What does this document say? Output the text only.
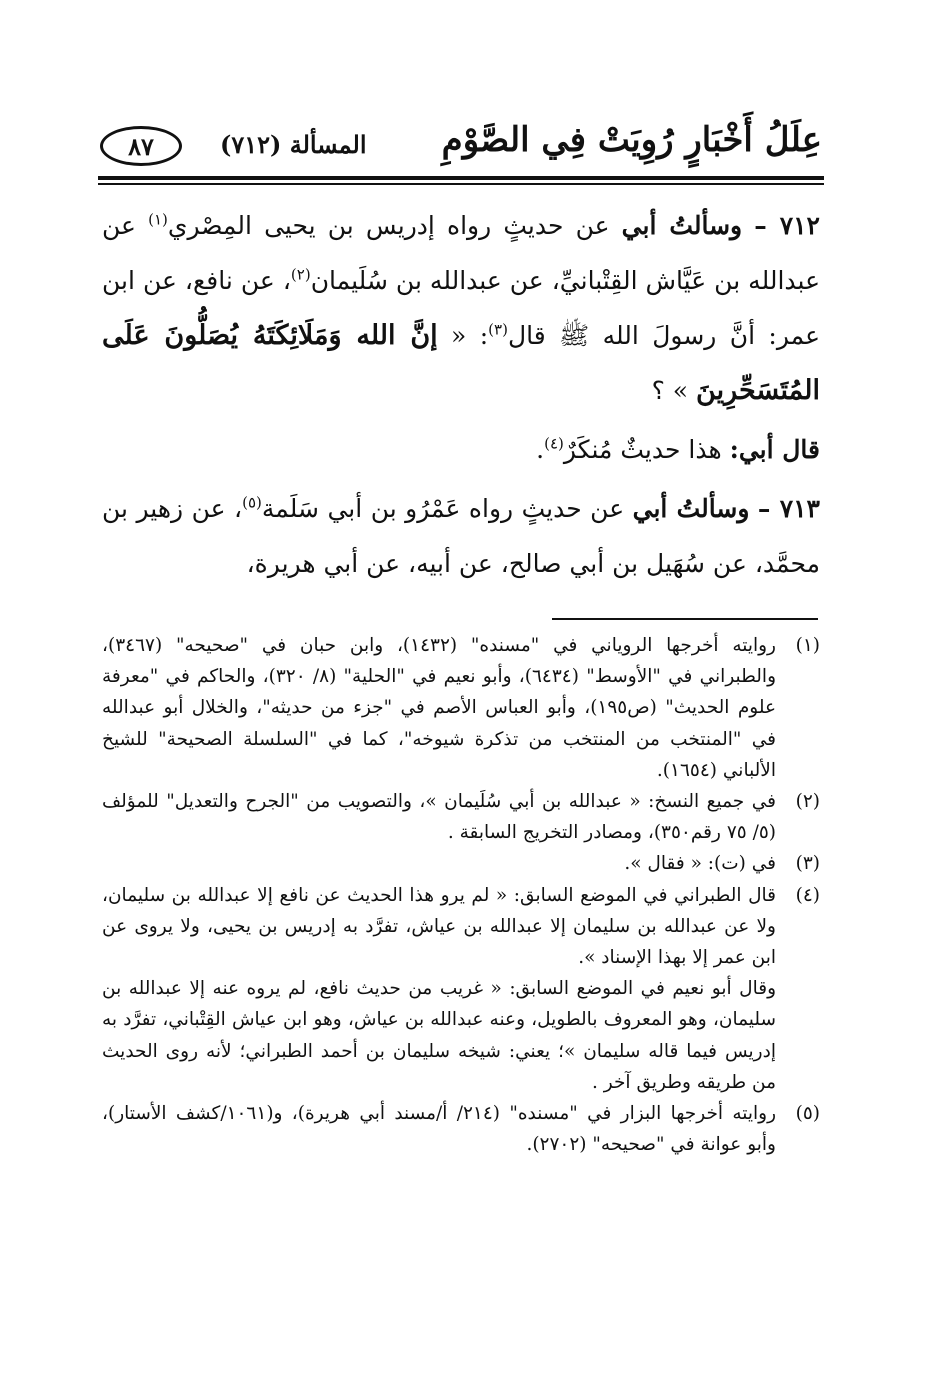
عِلَلُ أَخْبَارٍ رُوِيَتْ فِي الصَّوْمِ
المسألة (٧١٢)
٨٧

٧١٢ – وسألتُ أبي عن حديثٍ رواه إدريس بن يحيى المِصْري$^{(١)}$ عن عبدالله بن عَيَّاش القِتْبانيِّ، عن عبدالله بن سُلَيمان$^{(٢)}$، عن نافع، عن ابن عمر: أنَّ رسولَ الله ﷺ قال$^{(٣)}$: « إنَّ الله وَمَلَائِكَتَهُ يُصَلُّونَ عَلَى المُتَسَحِّرِينَ » ؟

قال أبي: هذا حديثٌ مُنكَرٌ$^{(٤)}$.

٧١٣ – وسألتُ أبي عن حديثٍ رواه عَمْرُو بن أبي سَلَمة$^{(٥)}$، عن زهير بن محمَّد، عن سُهَيل بن أبي صالح، عن أبيه، عن أبي هريرة،

(١)
روايته أخرجها الروياني في "مسنده" (١٤٣٢)، وابن حبان في "صحيحه" (٣٤٦٧)، والطبراني في "الأوسط" (٦٤٣٤)، وأبو نعيم في "الحلية" (٨/ ٣٢٠)، والحاكم في "معرفة علوم الحديث" (ص١٩٥)، وأبو العباس الأصم في "جزء من حديثه"، والخلال أبو عبدالله في "المنتخب من المنتخب من تذكرة شيوخه"، كما في "السلسلة الصحيحة" للشيخ الألباني (١٦٥٤).
(٢)
في جميع النسخ: « عبدالله بن أبي سُلَيمان »، والتصويب من "الجرح والتعديل" للمؤلف (٥/ ٧٥ رقم٣٥٠)، ومصادر التخريج السابقة .
(٣)
في (ت): « فقال ».
(٤)
قال الطبراني في الموضع السابق: « لم يرو هذا الحديث عن نافع إلا عبدالله بن سليمان، ولا عن عبدالله بن سليمان إلا عبدالله بن عياش، تفرَّد به إدريس بن يحيى، ولا يروى عن ابن عمر إلا بهذا الإسناد ».
وقال أبو نعيم في الموضع السابق: « غريب من حديث نافع، لم يروه عنه إلا عبدالله بن سليمان، وهو المعروف بالطويل، وعنه عبدالله بن عياش، وهو ابن عياش القِتْباني، تفرَّد به إدريس فيما قاله سليمان »؛ يعني: شيخه سليمان بن أحمد الطبراني؛ لأنه روى الحديث من طريقه وطريق آخر .
(٥)
روايته أخرجها البزار في "مسنده" (٢١٤/ أ/مسند أبي هريرة)، و(١٠٦١/كشف الأستار)، وأبو عوانة في "صحيحه" (٢٧٠٢).
